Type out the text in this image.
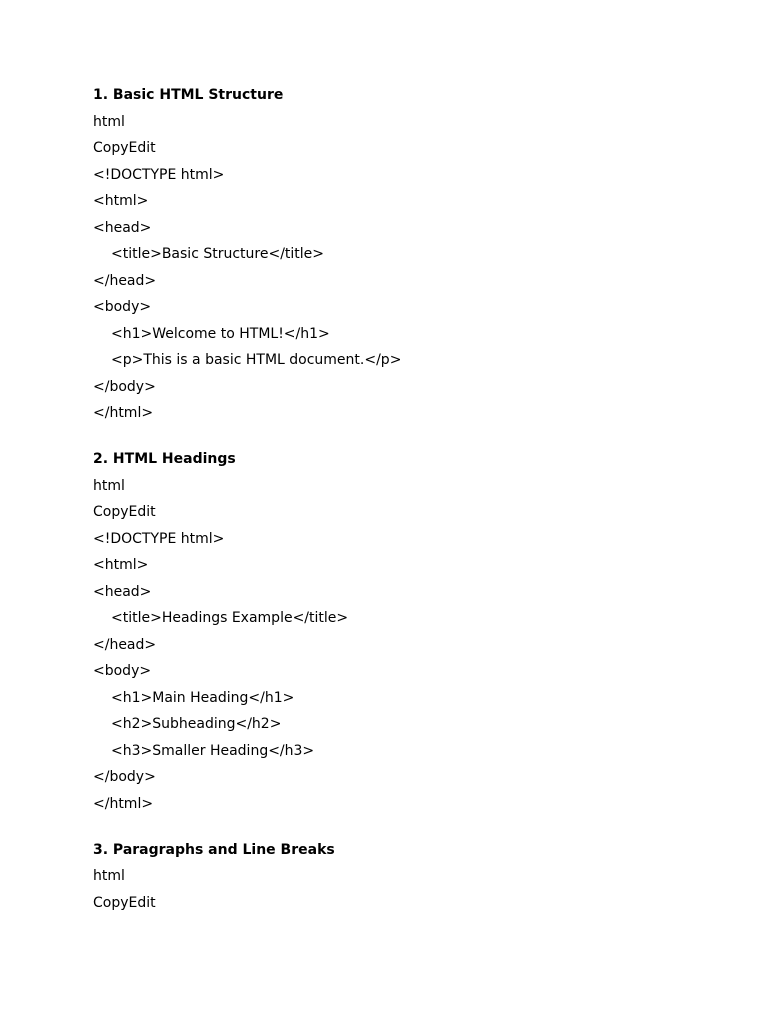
1. Basic HTML Structure
html
CopyEdit
<!DOCTYPE html>
<html>
<head>
<title>Basic Structure</title>
</head>
<body>
<h1>Welcome to HTML!</h1>
<p>This is a basic HTML document.</p>
</body>
</html>
2. HTML Headings
html
CopyEdit
<!DOCTYPE html>
<html>
<head>
<title>Headings Example</title>
</head>
<body>
<h1>Main Heading</h1>
<h2>Subheading</h2>
<h3>Smaller Heading</h3>
</body>
</html>
3. Paragraphs and Line Breaks
html
CopyEdit
